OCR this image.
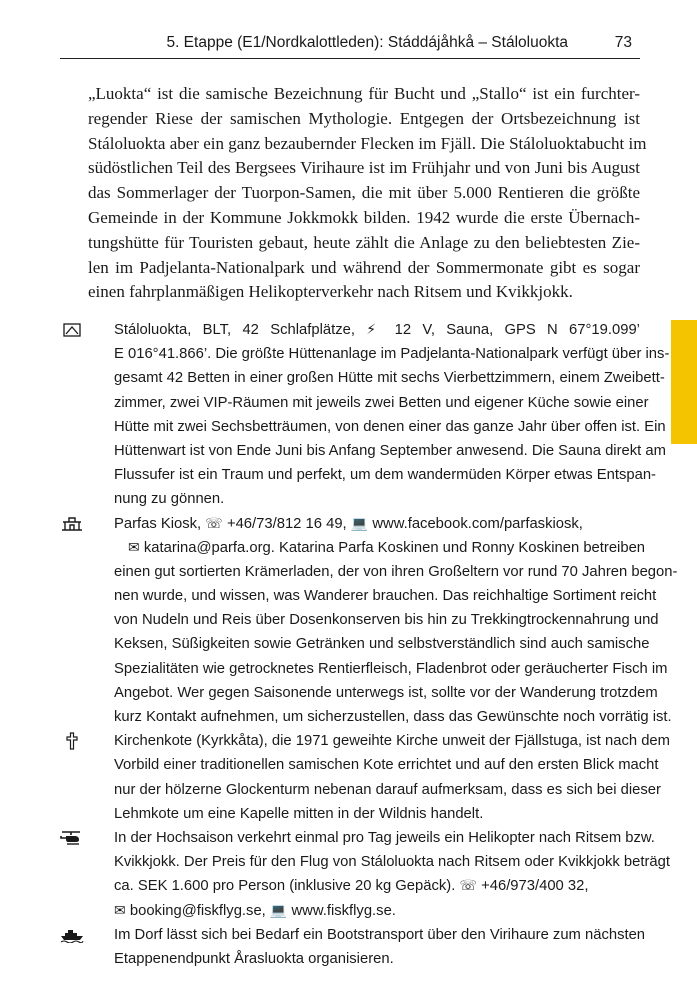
5. Etappe (E1/Nordkalottleden): Stáddájåhkå – Stáloluokta	73
„Luokta“ ist die samische Bezeichnung für Bucht und „Stallo“ ist ein furchter-
regender Riese der samischen Mythologie. Entgegen der Ortsbezeichnung ist
Stáloluokta aber ein ganz bezaubernder Flecken im Fjäll. Die Stáloluoktabucht im
südöstlichen Teil des Bergsees Virihaure ist im Frühjahr und von Juni bis August
das Sommerlager der Tuorpon-Samen, die mit über 5.000 Rentieren die größte
Gemeinde in der Kommune Jokkmokk bilden. 1942 wurde die erste Übernach-
tungshütte für Touristen gebaut, heute zählt die Anlage zu den beliebtesten Zie-
len im Padjelanta-Nationalpark und während der Sommermonate gibt es sogar
einen fahrplanmäßigen Helikopterverkehr nach Ritsem und Kvikkjokk.
Stáloluokta, BLT, 42 Schlafplätze, ⚡ 12 V, Sauna, GPS N 67°19.099’
E 016°41.866’. Die größte Hüttenanlage im Padjelanta-Nationalpark verfügt über ins-
gesamt 42 Betten in einer großen Hütte mit sechs Vierbettzimmern, einem Zweibett-
zimmer, zwei VIP-Räumen mit jeweils zwei Betten und eigener Küche sowie einer
Hütte mit zwei Sechsbetträumen, von denen einer das ganze Jahr über offen ist. Ein
Hüttenwart ist von Ende Juni bis Anfang September anwesend. Die Sauna direkt am
Flussufer ist ein Traum und perfekt, um dem wandermüden Körper etwas Entspan-
nung zu gönnen.
Parfas Kiosk, ☏ +46/73/812 16 49, 💻 www.facebook.com/parfaskiosk,
✉ katarina@parfa.org. Katarina Parfa Koskinen und Ronny Koskinen betreiben
einen gut sortierten Krämerladen, der von ihren Großeltern vor rund 70 Jahren begon-
nen wurde, und wissen, was Wanderer brauchen. Das reichhaltige Sortiment reicht
von Nudeln und Reis über Dosenkonserven bis hin zu Trekkingtrockennahrung und
Keksen, Süßigkeiten sowie Getränken und selbstverständlich sind auch samische
Spezialitäten wie getrocknetes Rentierfleisch, Fladenbrot oder geräucherter Fisch im
Angebot. Wer gegen Saisonende unterwegs ist, sollte vor der Wanderung trotzdem
kurz Kontakt aufnehmen, um sicherzustellen, dass das Gewünschte noch vorrätig ist.
Kirchenkote (Kyrkkåta), die 1971 geweihte Kirche unweit der Fjällstuga, ist nach dem
Vorbild einer traditionellen samischen Kote errichtet und auf den ersten Blick macht
nur der hölzerne Glockenturm nebenan darauf aufmerksam, dass es sich bei dieser
Lehmkote um eine Kapelle mitten in der Wildnis handelt.
In der Hochsaison verkehrt einmal pro Tag jeweils ein Helikopter nach Ritsem bzw.
Kvikkjokk. Der Preis für den Flug von Stáloluokta nach Ritsem oder Kvikkjokk beträgt
ca. SEK 1.600 pro Person (inklusive 20 kg Gepäck). ☏ +46/973/400 32,
✉ booking@fiskflyg.se, 💻 www.fiskflyg.se.
Im Dorf lässt sich bei Bedarf ein Bootstransport über den Virihaure zum nächsten
Etappenendpunkt Årasluokta organisieren.
